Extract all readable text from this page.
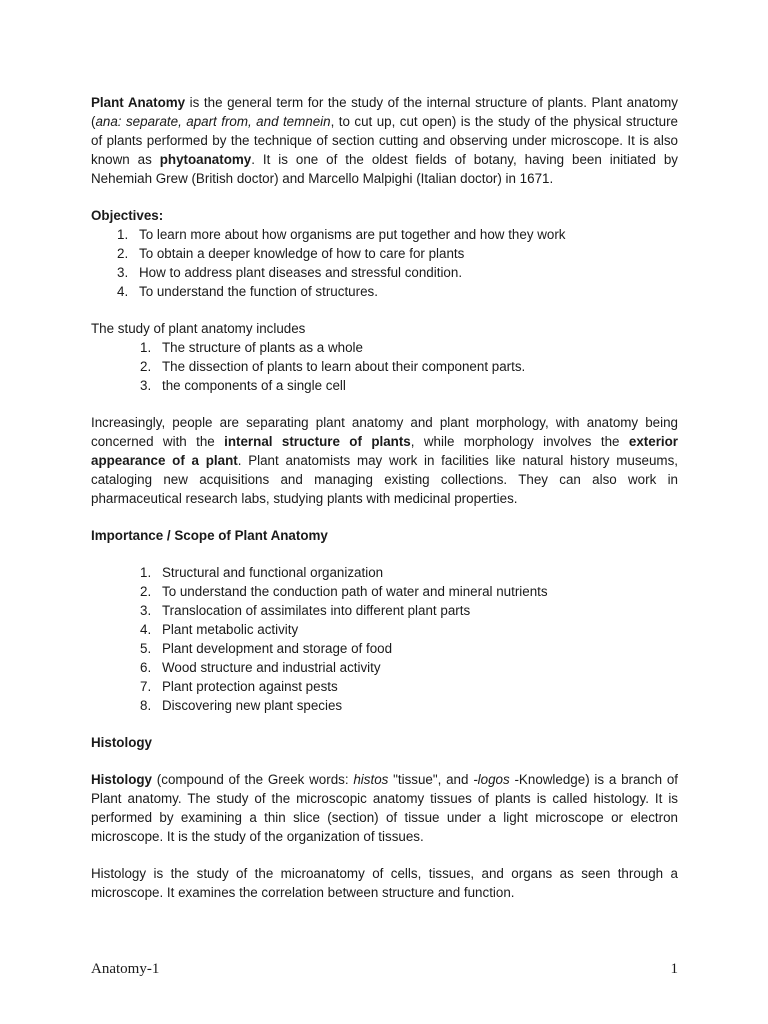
Plant Anatomy is the general term for the study of the internal structure of plants. Plant anatomy (ana: separate, apart from, and temnein, to cut up, cut open) is the study of the physical structure of plants performed by the technique of section cutting and observing under microscope. It is also known as phytoanatomy. It is one of the oldest fields of botany, having been initiated by Nehemiah Grew (British doctor) and Marcello Malpighi (Italian doctor) in 1671.

Objectives:

1. To learn more about how organisms are put together and how they work
2. To obtain a deeper knowledge of how to care for plants
3. How to address plant diseases and stressful condition.
4. To understand the function of structures.

The study of plant anatomy includes

1. The structure of plants as a whole
2. The dissection of plants to learn about their component parts.
3. the components of a single cell

Increasingly, people are separating plant anatomy and plant morphology, with anatomy being concerned with the internal structure of plants, while morphology involves the exterior appearance of a plant. Plant anatomists may work in facilities like natural history museums, cataloging new acquisitions and managing existing collections. They can also work in pharmaceutical research labs, studying plants with medicinal properties.

Importance / Scope of Plant Anatomy

1. Structural and functional organization
2. To understand the conduction path of water and mineral nutrients
3. Translocation of assimilates into different plant parts
4. Plant metabolic activity
5. Plant development and storage of food
6. Wood structure and industrial activity
7. Plant protection against pests
8. Discovering new plant species

Histology

Histology (compound of the Greek words: histos "tissue", and -logos -Knowledge) is a branch of Plant anatomy. The study of the microscopic anatomy tissues of plants is called histology. It is performed by examining a thin slice (section) of tissue under a light microscope or electron microscope. It is the study of the organization of tissues.

Histology is the study of the microanatomy of cells, tissues, and organs as seen through a microscope. It examines the correlation between structure and function.

Anatomy-1	1
